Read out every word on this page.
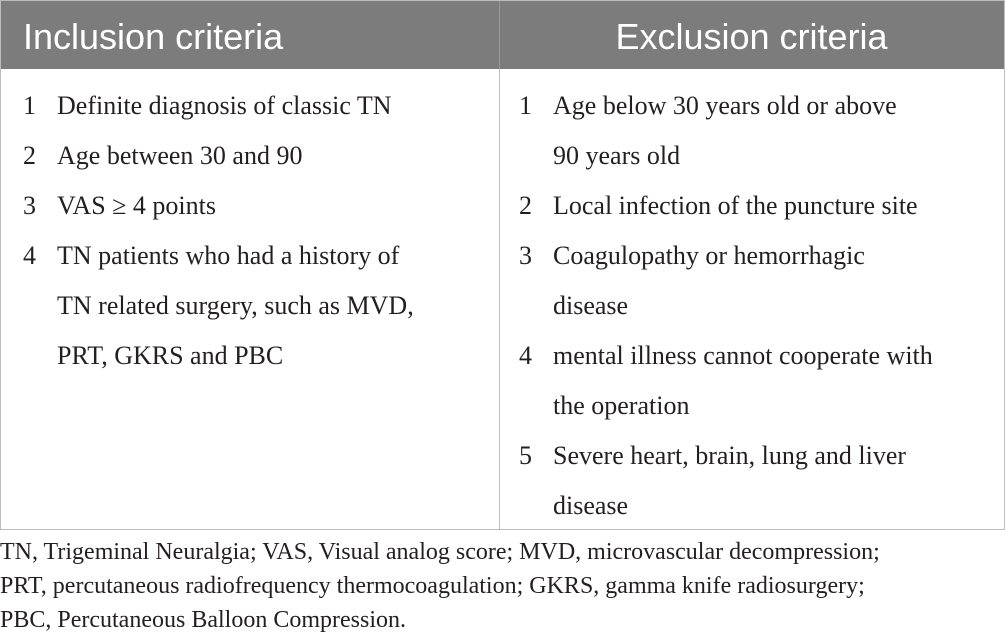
Inclusion criteria	Exclusion criteria
1 Definite diagnosis of classic TN
2 Age between 30 and 90
3 VAS ≥ 4 points
4 TN patients who had a history of
TN related surgery, such as MVD,
PRT, GKRS and PBC
1 Age below 30 years old or above
90 years old
2 Local infection of the puncture site
3 Coagulopathy or hemorrhagic
disease
4 mental illness cannot cooperate with
the operation
5 Severe heart, brain, lung and liver
disease

TN, Trigeminal Neuralgia; VAS, Visual analog score; MVD, microvascular decompression;
PRT, percutaneous radiofrequency thermocoagulation; GKRS, gamma knife radiosurgery;
PBC, Percutaneous Balloon Compression.
